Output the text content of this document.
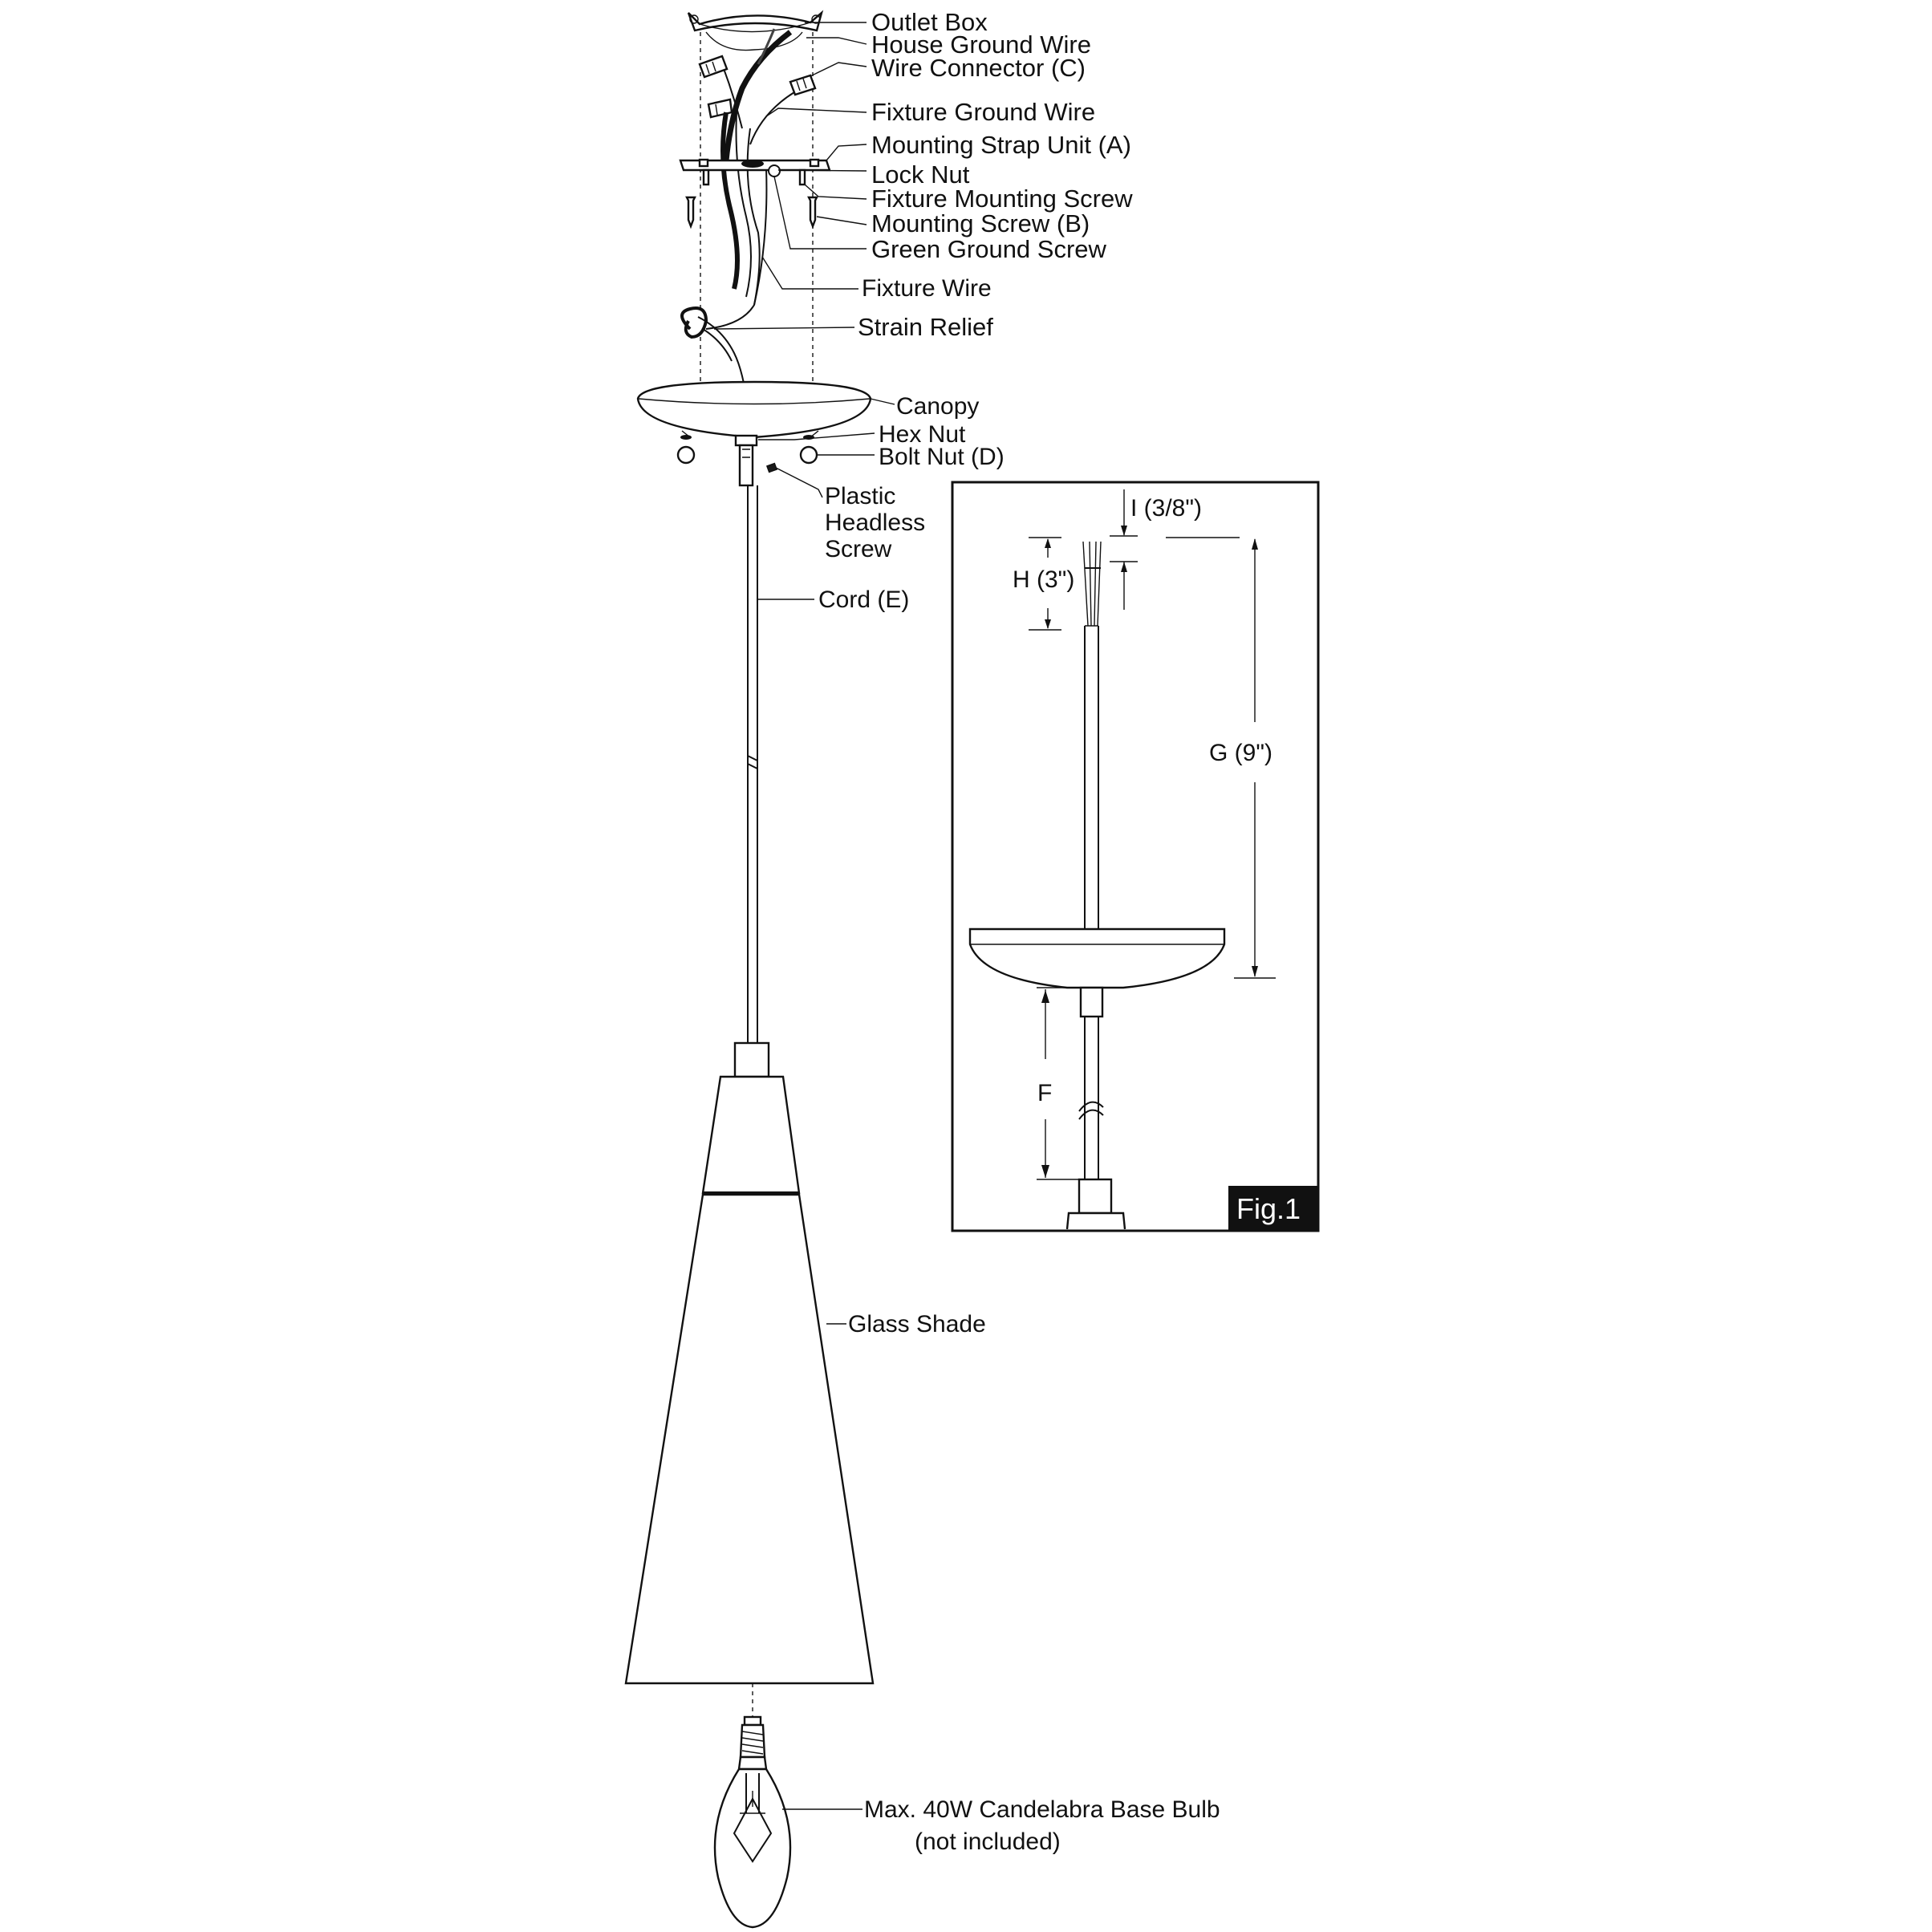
Outlet Box
House Ground Wire
Wire Connector (C)
Fixture Ground Wire
Mounting Strap Unit (A)
Lock Nut
Fixture Mounting Screw
Mounting Screw (B)
Green Ground Screw
Fixture Wire
Strain Relief
Canopy
Hex Nut
Bolt Nut (D)
Plastic
Headless
Screw
Cord (E)
Glass Shade
Max. 40W Candelabra Base Bulb
(not included)
I (3/8")
H (3")
G (9")
F
Fig.1
